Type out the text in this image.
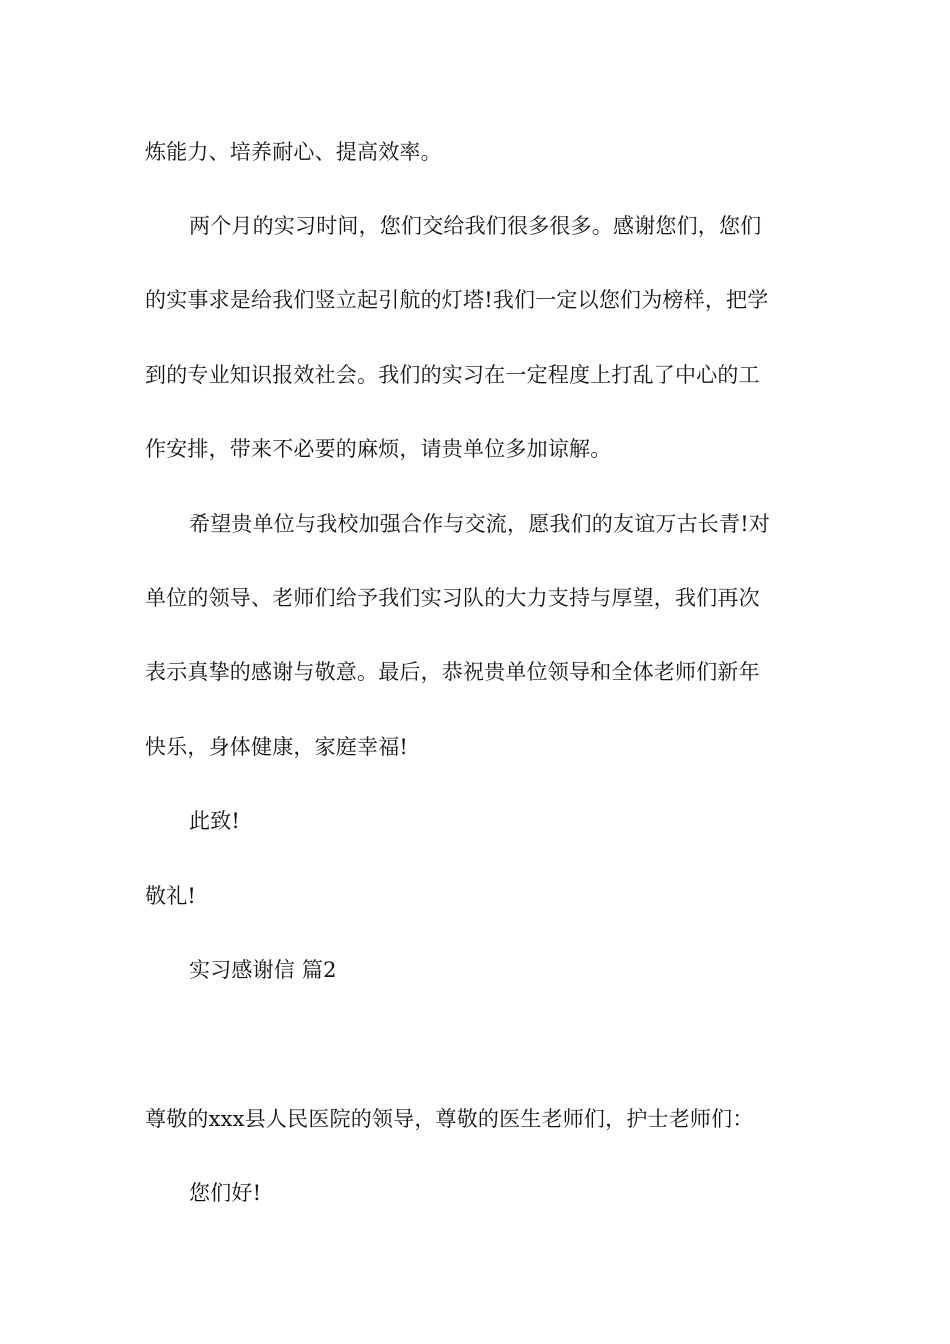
炼能力、培养耐心、提高效率。
两个月的实习时间，您们交给我们很多很多。感谢您们，您们
的实事求是给我们竖立起引航的灯塔!我们一定以您们为榜样，把学
到的专业知识报效社会。我们的实习在一定程度上打乱了中心的工
作安排，带来不必要的麻烦，请贵单位多加谅解。
希望贵单位与我校加强合作与交流，愿我们的友谊万古长青!对
单位的领导、老师们给予我们实习队的大力支持与厚望，我们再次
表示真挚的感谢与敬意。最后，恭祝贵单位领导和全体老师们新年
快乐，身体健康，家庭幸福!
此致!
敬礼!
实习感谢信 篇2
尊敬的xxx县人民医院的领导，尊敬的医生老师们，护士老师们：
您们好!
